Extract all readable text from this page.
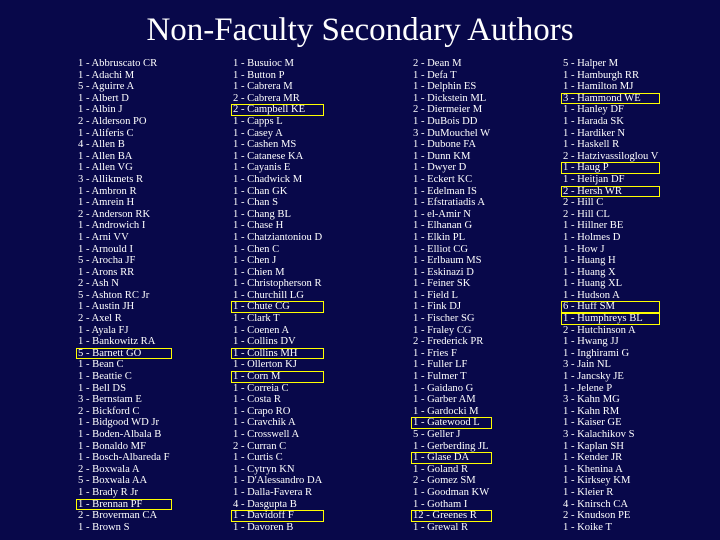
Non-Faculty Secondary Authors
1 - Abbruscato CR
1 - Adachi M
5 - Aguirre A
1 - Albert D
1 - Albin J
2 - Alderson PO
1 - Aliferis C
4 - Allen B
1 - Allen BA
1 - Allen VG
3 - Allikmets R
1 - Ambron R
1 - Amrein H
2 - Anderson RK
1 - Androwich I
1 - Arni VV
1 - Arnould I
5 - Arocha JF
1 - Arons RR
2 - Ash N
5 - Ashton RC Jr
1 - Austin JH
2 - Axel R
1 - Ayala FJ
1 - Bankowitz RA
5 - Barnett GO
1 - Bean C
1 - Beattie C
1 - Bell DS
3 - Bernstam E
2 - Bickford C
1 - Bidgood WD Jr
1 - Boden-Albala B
1 - Bonaldo MF
1 - Bosch-Albareda F
2 - Boxwala A
5 - Boxwala AA
1 - Brady R Jr
1 - Brennan PF
2 - Broverman CA
1 - Brown S
1 - Busuioc M
1 - Button P
1 - Cabrera M
2 - Cabrera MR
2 - Campbell KE
1 - Capps L
1 - Casey A
1 - Cashen MS
1 - Catanese KA
1 - Cayanis E
1 - Chadwick M
1 - Chan GK
1 - Chan S
1 - Chang BL
1 - Chase H
1 - Chatziantoniou D
1 - Chen C
1 - Chen J
1 - Chien M
1 - Christopherson R
1 - Churchill LG
1 - Chute CG
1 - Clark T
1 - Coenen A
1 - Collins DV
1 - Collins MH
1 - Ollerton KJ
1 - Corn M
1 - Correia C
1 - Costa R
1 - Crapo RO
1 - Cravchik A
1 - Crosswell A
2 - Curran C
1 - Curtis C
1 - Cytryn KN
1 - D'Alessandro DA
1 - Dalla-Favera R
4 - Dasgupta B
1 - Davidoff F
1 - Davoren B
2 - Dean M
1 - Defa T
1 - Delphin ES
1 - Dickstein ML
2 - Diermeier M
1 - DuBois DD
3 - DuMouchel W
1 - Dubone FA
1 - Dunn KM
1 - Dwyer D
1 - Eckert KC
1 - Edelman IS
1 - Efstratiadis A
1 - el-Amir N
1 - Elhanan G
1 - Elkin PL
1 - Elliot CG
1 - Erlbaum MS
1 - Eskinazi D
1 - Feiner SK
1 - Field L
1 - Fink DJ
1 - Fischer SG
1 - Fraley CG
2 - Frederick PR
1 - Fries F
1 - Fuller LF
1 - Fulmer T
1 - Gaidano G
1 - Garber AM
1 - Gardocki M
1 - Gatewood L
5 - Geller J
1 - Gerberding JL
1 - Glase DA
1 - Goland R
2 - Gomez SM
1 - Goodman KW
1 - Gotham I
12 - Greenes R
1 - Grewal R
5 - Halper M
1 - Hamburgh RR
1 - Hamilton MJ
3 - Hammond WE
1 - Hanley DF
1 - Harada SK
1 - Hardiker N
1 - Haskell R
2 - Hatzivassiloglou V
1 - Haug P
1 - Heitjan DF
2 - Hersh WR
2 - Hill C
2 - Hill CL
1 - Hillner BE
1 - Holmes D
1 - How J
1 - Huang H
1 - Huang X
1 - Huang XL
1 - Hudson A
6 - Huff SM
1 - Humphreys BL
2 - Hutchinson A
1 - Hwang JJ
1 - Inghirami G
3 - Jain NL
1 - Jancsky JE
1 - Jelene P
3 - Kahn MG
1 - Kahn RM
1 - Kaiser GE
3 - Kalachikov S
1 - Kaplan SH
1 - Kender JR
1 - Khenina A
1 - Kirksey KM
1 - Kleier R
4 - Knirsch CA
2 - Knudson PE
1 - Koike T
